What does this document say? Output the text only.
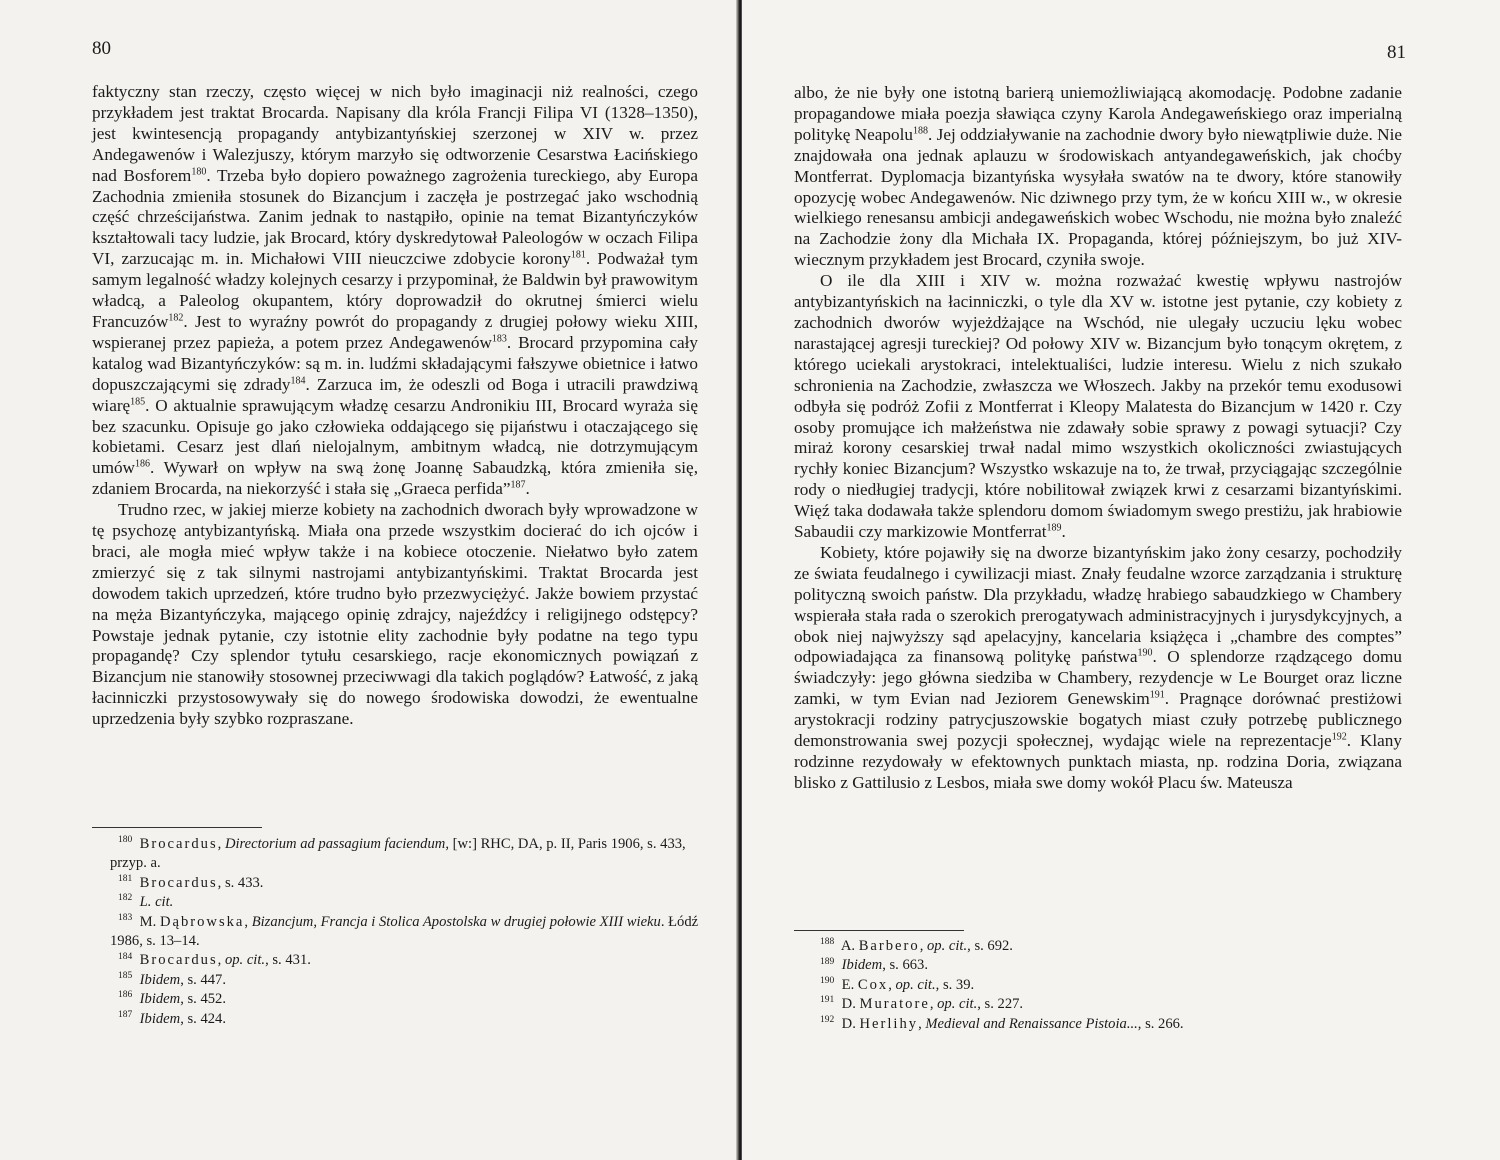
80

faktyczny stan rzeczy, często więcej w nich było imaginacji niż realności, czego przykładem jest traktat Brocarda. Napisany dla króla Francji Filipa VI (1328–1350), jest kwintesencją propagandy antybizantyńskiej szerzonej w XIV w. przez Andegawenów i Walezjuszy, którym marzyło się odtworzenie Cesarstwa Łacińskiego nad Bosforem$^{180}$. Trzeba było dopiero poważnego zagrożenia tureckiego, aby Europa Zachodnia zmieniła stosunek do Bizancjum i zaczęła je postrzegać jako wschodnią część chrześcijaństwa. Zanim jednak to nastąpiło, opinie na temat Bizantyńczyków kształtowali tacy ludzie, jak Brocard, który dyskredytował Paleologów w oczach Filipa VI, zarzucając m. in. Michałowi VIII nieuczciwe zdobycie korony$^{181}$. Podważał tym samym legalność władzy kolejnych cesarzy i przypominał, że Baldwin był prawowitym władcą, a Paleolog okupantem, który doprowadził do okrutnej śmierci wielu Francuzów$^{182}$. Jest to wyraźny powrót do propagandy z drugiej połowy wieku XIII, wspieranej przez papieża, a potem przez Andegawenów$^{183}$. Brocard przypomina cały katalog wad Bizantyńczyków: są m. in. ludźmi składającymi fałszywe obietnice i łatwo dopuszczającymi się zdrady$^{184}$. Zarzuca im, że odeszli od Boga i utracili prawdziwą wiarę$^{185}$. O aktualnie sprawującym władzę cesarzu Andronikiu III, Brocard wyraża się bez szacunku. Opisuje go jako człowieka oddającego się pijaństwu i otaczającego się kobietami. Cesarz jest dlań nielojalnym, ambitnym władcą, nie dotrzymującym umów$^{186}$. Wywarł on wpływ na swą żonę Joannę Sabaudzką, która zmieniła się, zdaniem Brocarda, na niekorzyść i stała się „Graeca perfida”$^{187}$.

Trudno rzec, w jakiej mierze kobiety na zachodnich dworach były wprowadzone w tę psychozę antybizantyńską. Miała ona przede wszystkim docierać do ich ojców i braci, ale mogła mieć wpływ także i na kobiece otoczenie. Niełatwo było zatem zmierzyć się z tak silnymi nastrojami antybizantyńskimi. Traktat Brocarda jest dowodem takich uprzedzeń, które trudno było przezwyciężyć. Jakże bowiem przystać na męża Bizantyńczyka, mającego opinię zdrajcy, najeźdźcy i religijnego odstępcy? Powstaje jednak pytanie, czy istotnie elity zachodnie były podatne na tego typu propagandę? Czy splendor tytułu cesarskiego, racje ekonomicznych powiązań z Bizancjum nie stanowiły stosownej przeciwwagi dla takich poglądów? Łatwość, z jaką łacinniczki przystosowywały się do nowego środowiska dowodzi, że ewentualne uprzedzenia były szybko rozpraszane.

180 Brocardus, Directorium ad passagium faciendum, [w:] RHC, DA, p. II, Paris 1906, s. 433, przyp. a.
181 Brocardus, s. 433.
182 L. cit.
183 M. Dąbrowska, Bizancjum, Francja i Stolica Apostolska w drugiej połowie XIII wieku. Łódź 1986, s. 13–14.
184 Brocardus, op. cit., s. 431.
185 Ibidem, s. 447.
186 Ibidem, s. 452.
187 Ibidem, s. 424.
81

albo, że nie były one istotną barierą uniemożliwiającą akomodację. Podobne zadanie propagandowe miała poezja sławiąca czyny Karola Andegaweńskiego oraz imperialną politykę Neapolu$^{188}$. Jej oddziaływanie na zachodnie dwory było niewątpliwie duże. Nie znajdowała ona jednak aplauzu w środowiskach antyandegaweńskich, jak choćby Montferrat. Dyplomacja bizantyńska wysyłała swatów na te dwory, które stanowiły opozycję wobec Andegawenów. Nic dziwnego przy tym, że w końcu XIII w., w okresie wielkiego renesansu ambicji andegaweńskich wobec Wschodu, nie można było znaleźć na Zachodzie żony dla Michała IX. Propaganda, której późniejszym, bo już XIV-wiecznym przykładem jest Brocard, czyniła swoje.

O ile dla XIII i XIV w. można rozważać kwestię wpływu nastrojów antybizantyńskich na łacinniczki, o tyle dla XV w. istotne jest pytanie, czy kobiety z zachodnich dworów wyjeżdżające na Wschód, nie ulegały uczuciu lęku wobec narastającej agresji tureckiej? Od połowy XIV w. Bizancjum było tonącym okrętem, z którego uciekali arystokraci, intelektualiści, ludzie interesu. Wielu z nich szukało schronienia na Zachodzie, zwłaszcza we Włoszech. Jakby na przekór temu exodusowi odbyła się podróż Zofii z Montferrat i Kleopy Malatesta do Bizancjum w 1420 r. Czy osoby promujące ich małżeństwa nie zdawały sobie sprawy z powagi sytuacji? Czy miraż korony cesarskiej trwał nadal mimo wszystkich okoliczności zwiastujących rychły koniec Bizancjum? Wszystko wskazuje na to, że trwał, przyciągając szczególnie rody o niedługiej tradycji, które nobilitował związek krwi z cesarzami bizantyńskimi. Więź taka dodawała także splendoru domom świadomym swego prestiżu, jak hrabiowie Sabaudii czy markizowie Montferrat$^{189}$.

Kobiety, które pojawiły się na dworze bizantyńskim jako żony cesarzy, pochodziły ze świata feudalnego i cywilizacji miast. Znały feudalne wzorce zarządzania i strukturę polityczną swoich państw. Dla przykładu, władzę hrabiego sabaudzkiego w Chambery wspierała stała rada o szerokich prerogatywach administracyjnych i jurysdykcyjnych, a obok niej najwyższy sąd apelacyjny, kancelaria książęca i „chambre des comptes” odpowiadająca za finansową politykę państwa$^{190}$. O splendorze rządzącego domu świadczyły: jego główna siedziba w Chambery, rezydencje w Le Bourget oraz liczne zamki, w tym Evian nad Jeziorem Genewskim$^{191}$. Pragnące dorównać prestiżowi arystokracji rodziny patrycjuszowskie bogatych miast czuły potrzebę publicznego demonstrowania swej pozycji społecznej, wydając wiele na reprezentacje$^{192}$. Klany rodzinne rezydowały w efektownych punktach miasta, np. rodzina Doria, związana blisko z Gattilusio z Lesbos, miała swe domy wokół Placu św. Mateusza

188 A. Barbero, op. cit., s. 692.
189 Ibidem, s. 663.
190 E. Cox, op. cit., s. 39.
191 D. Muratore, op. cit., s. 227.
192 D. Herlihy, Medieval and Renaissance Pistoia..., s. 266.
